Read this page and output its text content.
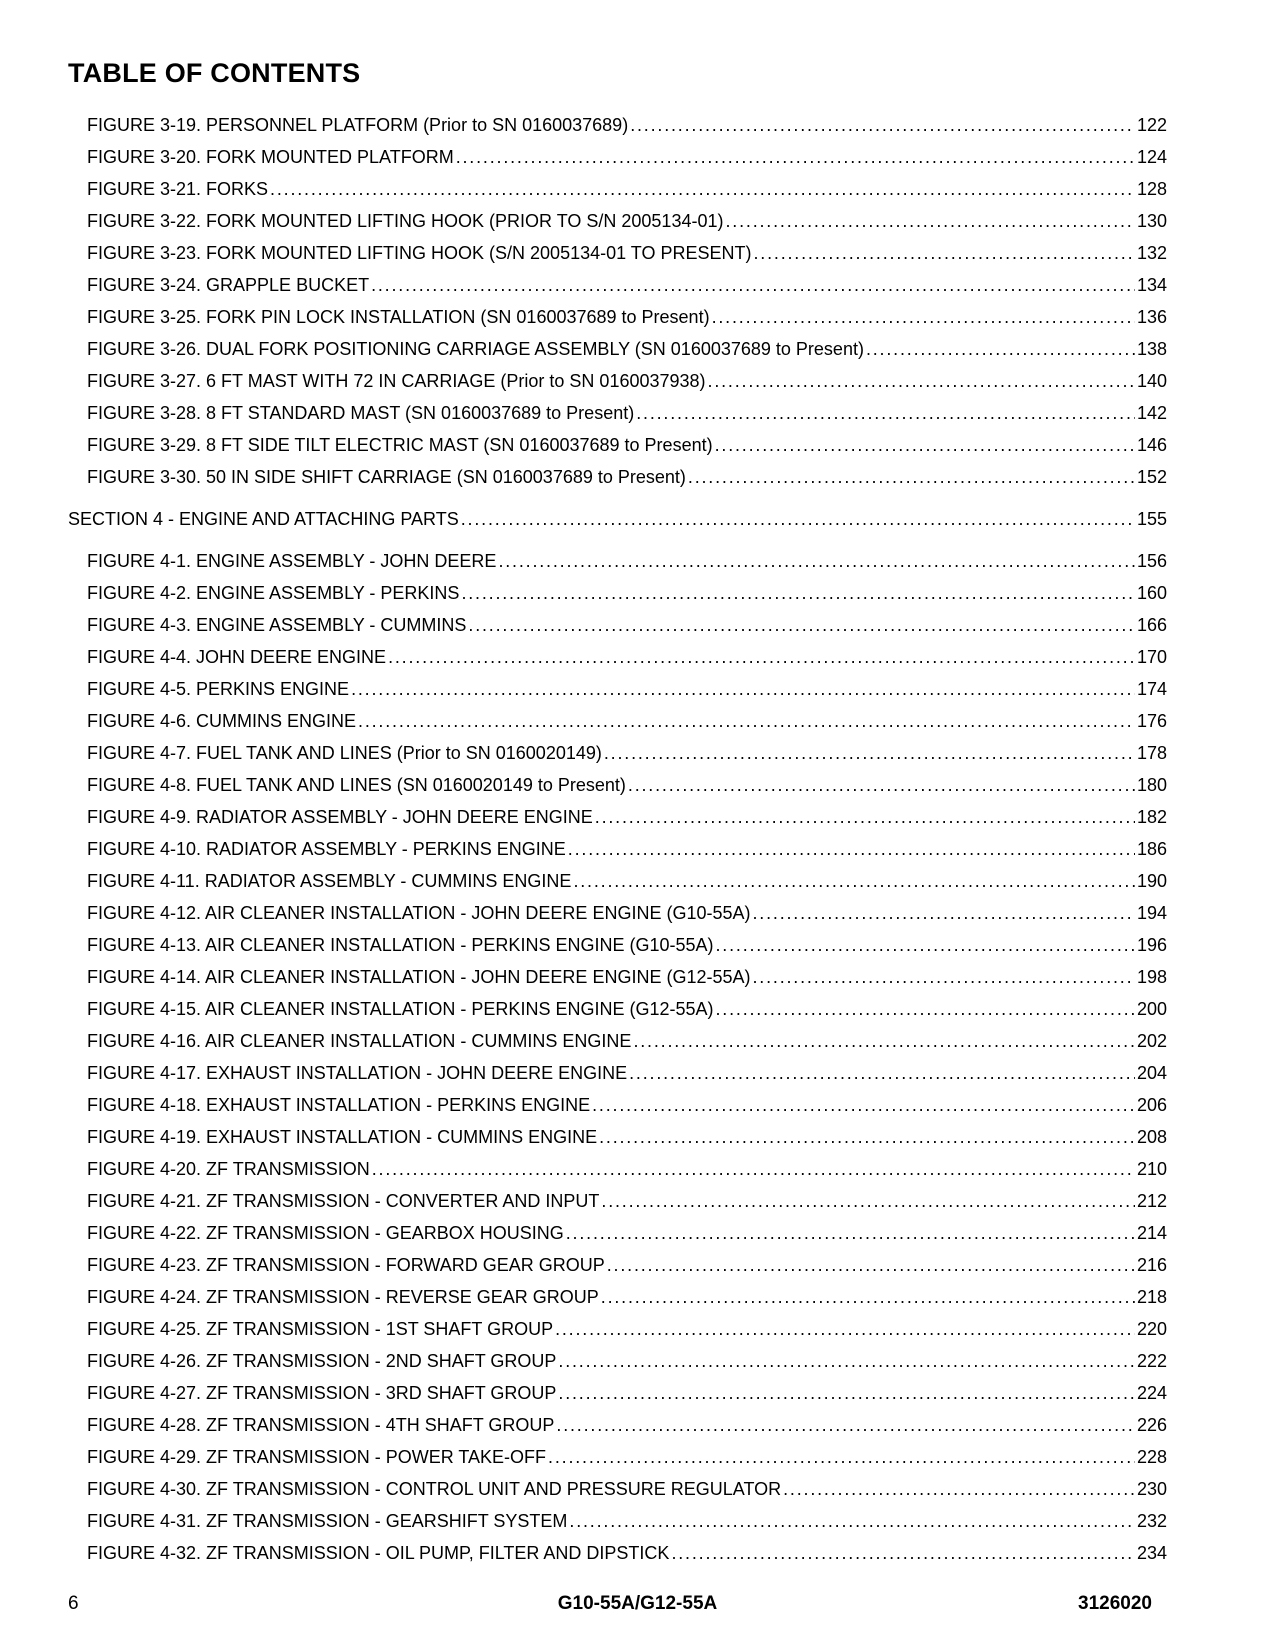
TABLE OF CONTENTS
FIGURE 3-19. PERSONNEL PLATFORM (Prior to SN 0160037689) . . .	122
FIGURE 3-20. FORK MOUNTED PLATFORM . . .	124
FIGURE 3-21. FORKS . . .	128
FIGURE 3-22. FORK MOUNTED LIFTING HOOK (PRIOR TO S/N 2005134-01) . . .	130
FIGURE 3-23. FORK MOUNTED LIFTING HOOK (S/N 2005134-01 TO PRESENT) . . .	132
FIGURE 3-24. GRAPPLE BUCKET . . .	134
FIGURE 3-25. FORK PIN LOCK INSTALLATION (SN 0160037689 to Present) . . .	136
FIGURE 3-26. DUAL FORK POSITIONING CARRIAGE ASSEMBLY (SN 0160037689 to Present) . . .	138
FIGURE 3-27. 6 FT MAST WITH 72 IN CARRIAGE (Prior to SN 0160037938) . . .	140
FIGURE 3-28. 8 FT STANDARD MAST (SN 0160037689 to Present) . . .	142
FIGURE 3-29. 8 FT SIDE TILT ELECTRIC MAST (SN 0160037689 to Present) . . .	146
FIGURE 3-30. 50 IN SIDE SHIFT CARRIAGE (SN 0160037689 to Present) . . .	152
SECTION 4 - ENGINE AND ATTACHING PARTS . . .	155
FIGURE 4-1. ENGINE ASSEMBLY - JOHN DEERE . . .	156
FIGURE 4-2. ENGINE ASSEMBLY - PERKINS . . .	160
FIGURE 4-3. ENGINE ASSEMBLY - CUMMINS . . .	166
FIGURE 4-4. JOHN DEERE ENGINE . . .	170
FIGURE 4-5. PERKINS ENGINE . . .	174
FIGURE 4-6. CUMMINS ENGINE . . .	176
FIGURE 4-7. FUEL TANK AND LINES (Prior to SN 0160020149) . . .	178
FIGURE 4-8. FUEL TANK AND LINES (SN 0160020149 to Present) . . .	180
FIGURE 4-9. RADIATOR ASSEMBLY - JOHN DEERE ENGINE . . .	182
FIGURE 4-10. RADIATOR ASSEMBLY - PERKINS ENGINE . . .	186
FIGURE 4-11. RADIATOR ASSEMBLY - CUMMINS ENGINE . . .	190
FIGURE 4-12. AIR CLEANER INSTALLATION - JOHN DEERE ENGINE (G10-55A) . . .	194
FIGURE 4-13. AIR CLEANER INSTALLATION - PERKINS ENGINE (G10-55A) . . .	196
FIGURE 4-14. AIR CLEANER INSTALLATION - JOHN DEERE ENGINE (G12-55A) . . .	198
FIGURE 4-15. AIR CLEANER INSTALLATION - PERKINS ENGINE (G12-55A) . . .	200
FIGURE 4-16. AIR CLEANER INSTALLATION - CUMMINS ENGINE . . .	202
FIGURE 4-17. EXHAUST INSTALLATION - JOHN DEERE ENGINE . . .	204
FIGURE 4-18. EXHAUST INSTALLATION - PERKINS ENGINE . . .	206
FIGURE 4-19. EXHAUST INSTALLATION - CUMMINS ENGINE . . .	208
FIGURE 4-20. ZF TRANSMISSION . . .	210
FIGURE 4-21. ZF TRANSMISSION - CONVERTER AND INPUT . . .	212
FIGURE 4-22. ZF TRANSMISSION - GEARBOX HOUSING . . .	214
FIGURE 4-23. ZF TRANSMISSION - FORWARD GEAR GROUP . . .	216
FIGURE 4-24. ZF TRANSMISSION - REVERSE GEAR GROUP . . .	218
FIGURE 4-25. ZF TRANSMISSION - 1ST SHAFT GROUP . . .	220
FIGURE 4-26. ZF TRANSMISSION - 2ND SHAFT GROUP . . .	222
FIGURE 4-27. ZF TRANSMISSION - 3RD SHAFT GROUP . . .	224
FIGURE 4-28. ZF TRANSMISSION - 4TH SHAFT GROUP . . .	226
FIGURE 4-29. ZF TRANSMISSION - POWER TAKE-OFF . . .	228
FIGURE 4-30. ZF TRANSMISSION - CONTROL UNIT AND PRESSURE REGULATOR . . .	230
FIGURE 4-31. ZF TRANSMISSION - GEARSHIFT SYSTEM . . .	232
FIGURE 4-32. ZF TRANSMISSION - OIL PUMP, FILTER AND DIPSTICK . . .	234
6	G10-55A/G12-55A	3126020
